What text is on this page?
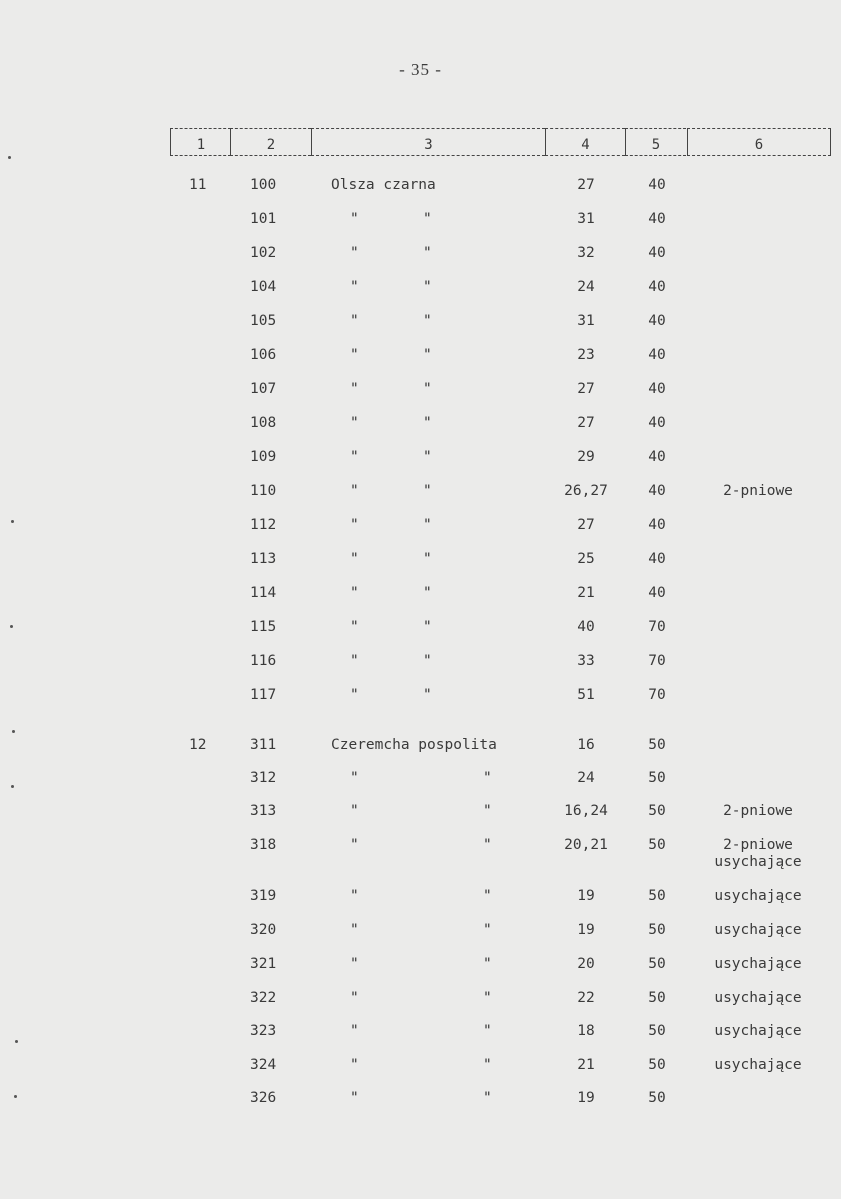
- 35 -
1	2	3	4	5	6
11	100	Olsza czarna	27	40
101	"	"	31	40
102	"	"	32	40
104	"	"	24	40
105	"	"	31	40
106	"	"	23	40
107	"	"	27	40
108	"	"	27	40
109	"	"	29	40
110	"	"	26,27	40	2-pniowe
112	"	"	27	40
113	"	"	25	40
114	"	"	21	40
115	"	"	40	70
116	"	"	33	70
117	"	"	51	70
12	311	Czeremcha pospolita	16	50
312	"	"	24	50
313	"	"	16,24	50	2-pniowe
318	"	"	20,21	50	2-pniowe
usychające
319	"	"	19	50	usychające
320	"	"	19	50	usychające
321	"	"	20	50	usychające
322	"	"	22	50	usychające
323	"	"	18	50	usychające
324	"	"	21	50	usychające
326	"	"	19	50
